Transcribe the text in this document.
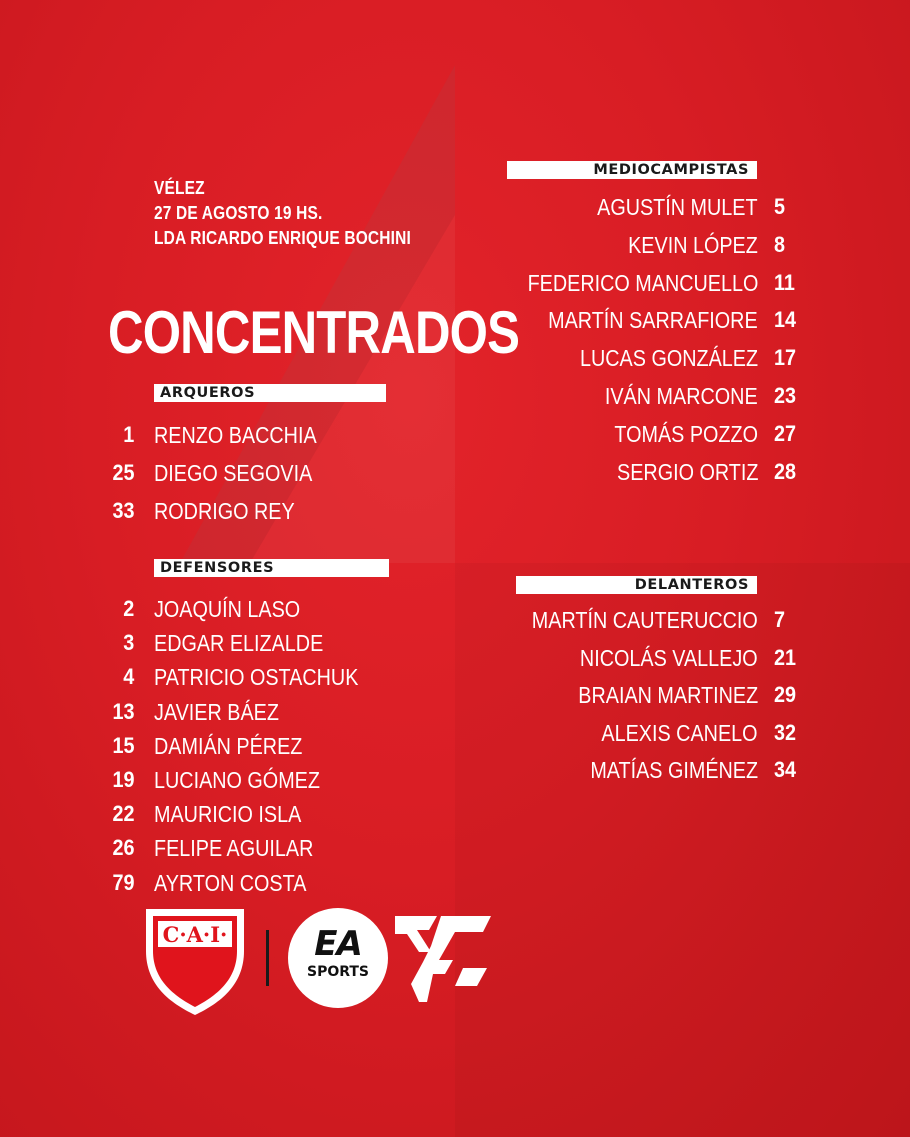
VÉLEZ
27 DE AGOSTO 19 HS.
LDA RICARDO ENRIQUE BOCHINI
CONCENTRADOS
ARQUEROS
DEFENSORES
MEDIOCAMPISTAS
DELANTEROS
1 RENZO BACCHIA
25 DIEGO SEGOVIA
33 RODRIGO REY
2 JOAQUÍN LASO
3 EDGAR ELIZALDE
4 PATRICIO OSTACHUK
13 JAVIER BÁEZ
15 DAMIÁN PÉREZ
19 LUCIANO GÓMEZ
22 MAURICIO ISLA
26 FELIPE AGUILAR
79 AYRTON COSTA
5
AGUSTÍN MULET
8
KEVIN LÓPEZ
11
FEDERICO MANCUELLO
14
MARTÍN SARRAFIORE
17
LUCAS GONZÁLEZ
23
IVÁN MARCONE
27
TOMÁS POZZO
28
SERGIO ORTIZ
7
MARTÍN CAUTERUCCIO
21
NICOLÁS VALLEJO
29
BRAIAN MARTINEZ
32
ALEXIS CANELO
34
MATÍAS GIMÉNEZ
C·A·I·	EA
SPORTS
